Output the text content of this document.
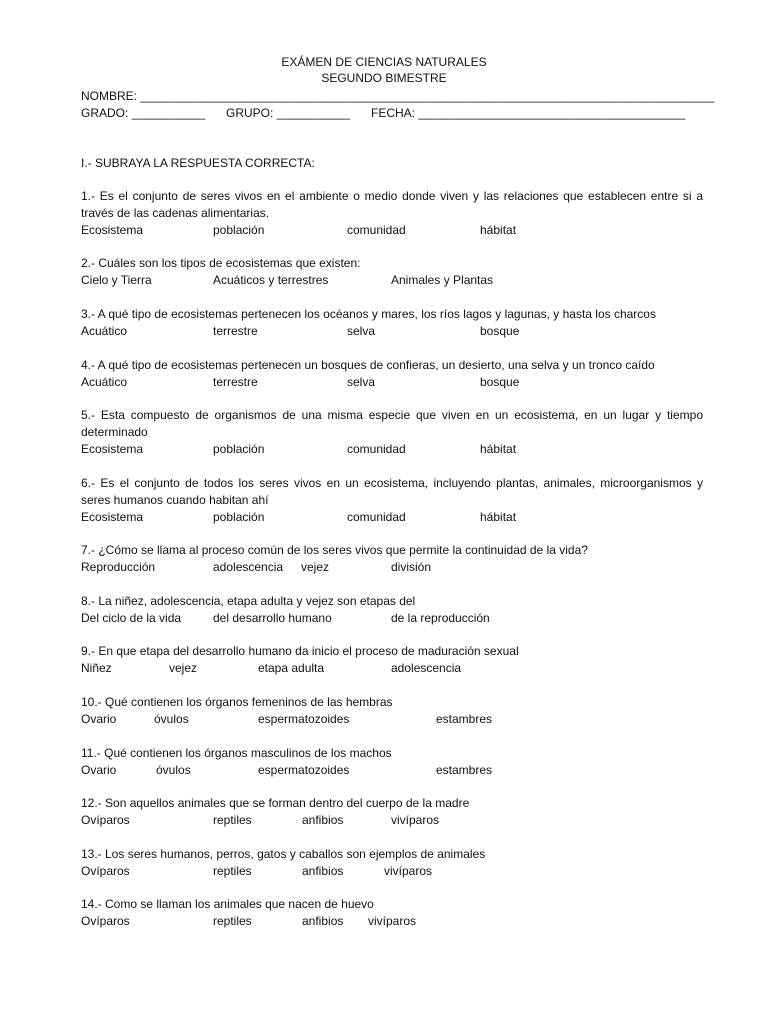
EXÁMEN DE CIENCIAS NATURALES
SEGUNDO BIMESTRE
NOMBRE: ______________________________________________________________________________________
GRADO: ___________ GRUPO: ___________ FECHA: ________________________________________
I.- SUBRAYA LA RESPUESTA CORRECTA:
1.- Es el conjunto de seres vivos en el ambiente o medio donde viven y las relaciones que establecen entre si a través de las cadenas alimentarias.
Ecosistema	población	comunidad	hábitat
2.- Cuáles son los tipos de ecosistemas que existen:
Cielo y Tierra	Acuáticos y terrestres	Animales y Plantas
3.- A qué tipo de ecosistemas pertenecen los océanos y mares, los ríos lagos y lagunas, y hasta los charcos
Acuático	terrestre	selva	bosque
4.- A qué tipo de ecosistemas pertenecen un bosques de confieras, un desierto, una selva y un tronco caído
Acuático	terrestre	selva	bosque
5.- Esta compuesto de organismos de una misma especie que viven en un ecosistema, en un lugar y tiempo determinado
Ecosistema	población	comunidad	hábitat
6.- Es el conjunto de todos los seres vivos en un ecosistema, incluyendo plantas, animales, microorganismos y seres humanos cuando habitan ahí
Ecosistema	población	comunidad	hábitat
7.- ¿Cómo se llama al proceso común de los seres vivos que permite la continuidad de la vida?
Reproducción	adolescencia vejez	división
8.- La niñez, adolescencia, etapa adulta y vejez son etapas del
Del ciclo de la vida	del desarrollo humano	de la reproducción
9.- En que etapa del desarrollo humano da inicio el proceso de maduración sexual
Niñez	vejez	etapa adulta	adolescencia
10.- Qué contienen los órganos femeninos de las hembras
Ovario	óvulos	espermatozoides	estambres
11.- Qué contienen los órganos masculinos de los machos
Ovario	óvulos	espermatozoides	estambres
12.- Son aquellos animales que se forman dentro del cuerpo de la madre
Ovíparos	reptiles	anfibios	vivíparos
13.- Los seres humanos, perros, gatos y caballos son ejemplos de animales
Ovíparos	reptiles	anfibios	vivíparos
14.- Como se llaman los animales que nacen de huevo
Ovíparos	reptiles	anfibios vivíparos
